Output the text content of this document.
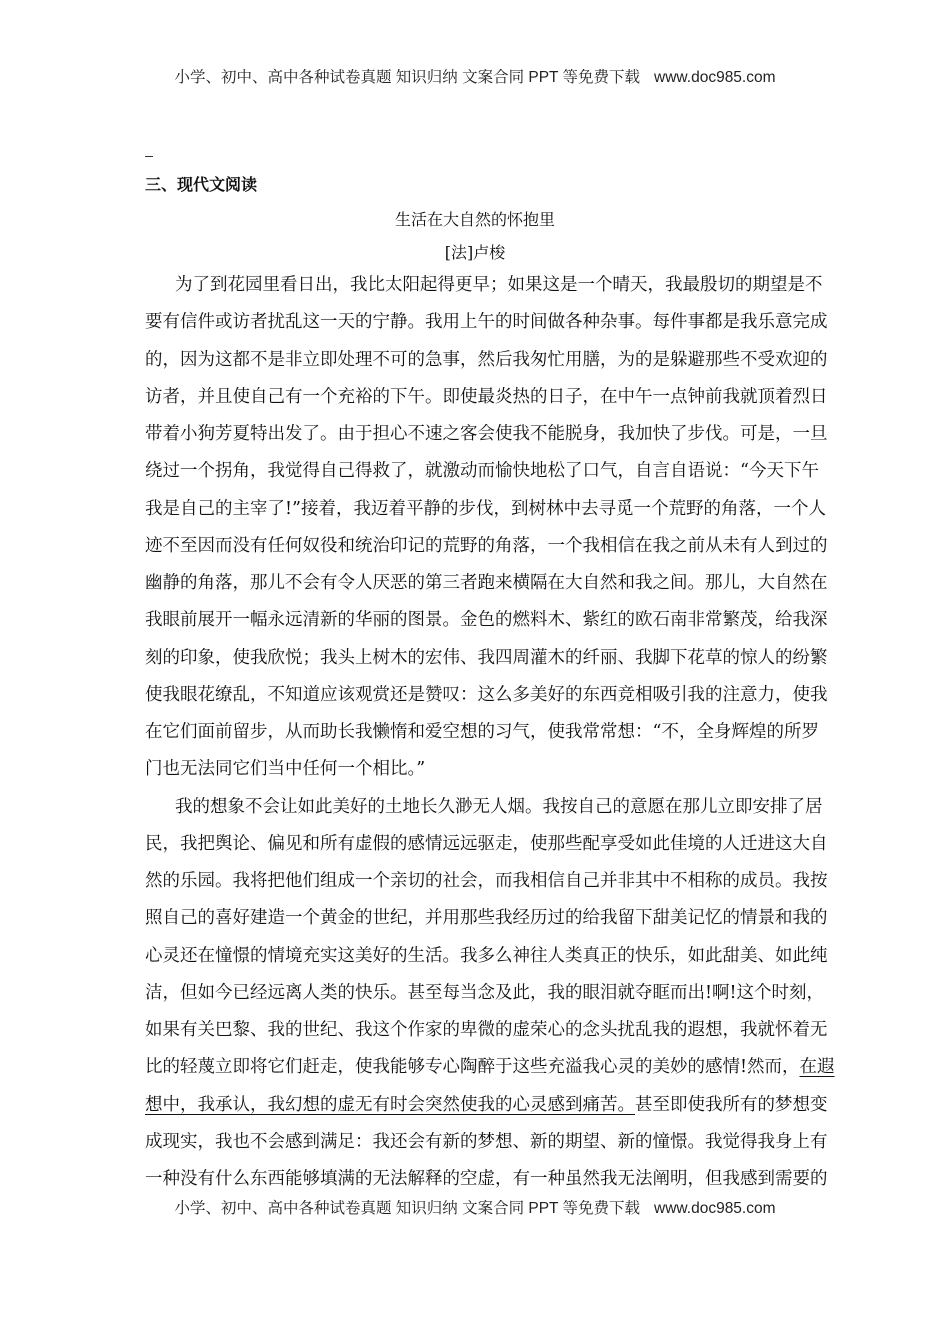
小学、初中、高中各种试卷真题 知识归纳 文案合同 PPT 等免费下载 www.doc985.com
三、现代文阅读
生活在大自然的怀抱里
[法]卢梭
为了到花园里看日出，我比太阳起得更早；如果这是一个晴天，我最殷切的期望是不
要有信件或访者扰乱这一天的宁静。我用上午的时间做各种杂事。每件事都是我乐意完成
的，因为这都不是非立即处理不可的急事，然后我匆忙用膳，为的是躲避那些不受欢迎的
访者，并且使自己有一个充裕的下午。即使最炎热的日子，在中午一点钟前我就顶着烈日
带着小狗芳夏特出发了。由于担心不速之客会使我不能脱身，我加快了步伐。可是，一旦
绕过一个拐角，我觉得自己得救了，就激动而愉快地松了口气，自言自语说：“今天下午
我是自己的主宰了!”接着，我迈着平静的步伐，到树林中去寻觅一个荒野的角落，一个人
迹不至因而没有任何奴役和统治印记的荒野的角落，一个我相信在我之前从未有人到过的
幽静的角落，那儿不会有令人厌恶的第三者跑来横隔在大自然和我之间。那儿，大自然在
我眼前展开一幅永远清新的华丽的图景。金色的燃料木、紫红的欧石南非常繁茂，给我深
刻的印象，使我欣悦；我头上树木的宏伟、我四周灌木的纤丽、我脚下花草的惊人的纷繁
使我眼花缭乱，不知道应该观赏还是赞叹：这么多美好的东西竞相吸引我的注意力，使我
在它们面前留步，从而助长我懒惰和爱空想的习气，使我常常想：“不，全身辉煌的所罗
门也无法同它们当中任何一个相比。”
我的想象不会让如此美好的土地长久渺无人烟。我按自己的意愿在那儿立即安排了居
民，我把舆论、偏见和所有虚假的感情远远驱走，使那些配享受如此佳境的人迁进这大自
然的乐园。我将把他们组成一个亲切的社会，而我相信自己并非其中不相称的成员。我按
照自己的喜好建造一个黄金的世纪，并用那些我经历过的给我留下甜美记忆的情景和我的
心灵还在憧憬的情境充实这美好的生活。我多么神往人类真正的快乐，如此甜美、如此纯
洁，但如今已经远离人类的快乐。甚至每当念及此，我的眼泪就夺眶而出!啊!这个时刻，
如果有关巴黎、我的世纪、我这个作家的卑微的虚荣心的念头扰乱我的遐想，我就怀着无
比的轻蔑立即将它们赶走，使我能够专心陶醉于这些充溢我心灵的美妙的感情!然而，在遐
想中，我承认，我幻想的虚无有时会突然使我的心灵感到痛苦。甚至即使我所有的梦想变
成现实，我也不会感到满足：我还会有新的梦想、新的期望、新的憧憬。我觉得我身上有
一种没有什么东西能够填满的无法解释的空虚，有一种虽然我无法阐明，但我感到需要的
小学、初中、高中各种试卷真题 知识归纳 文案合同 PPT 等免费下载 www.doc985.com
